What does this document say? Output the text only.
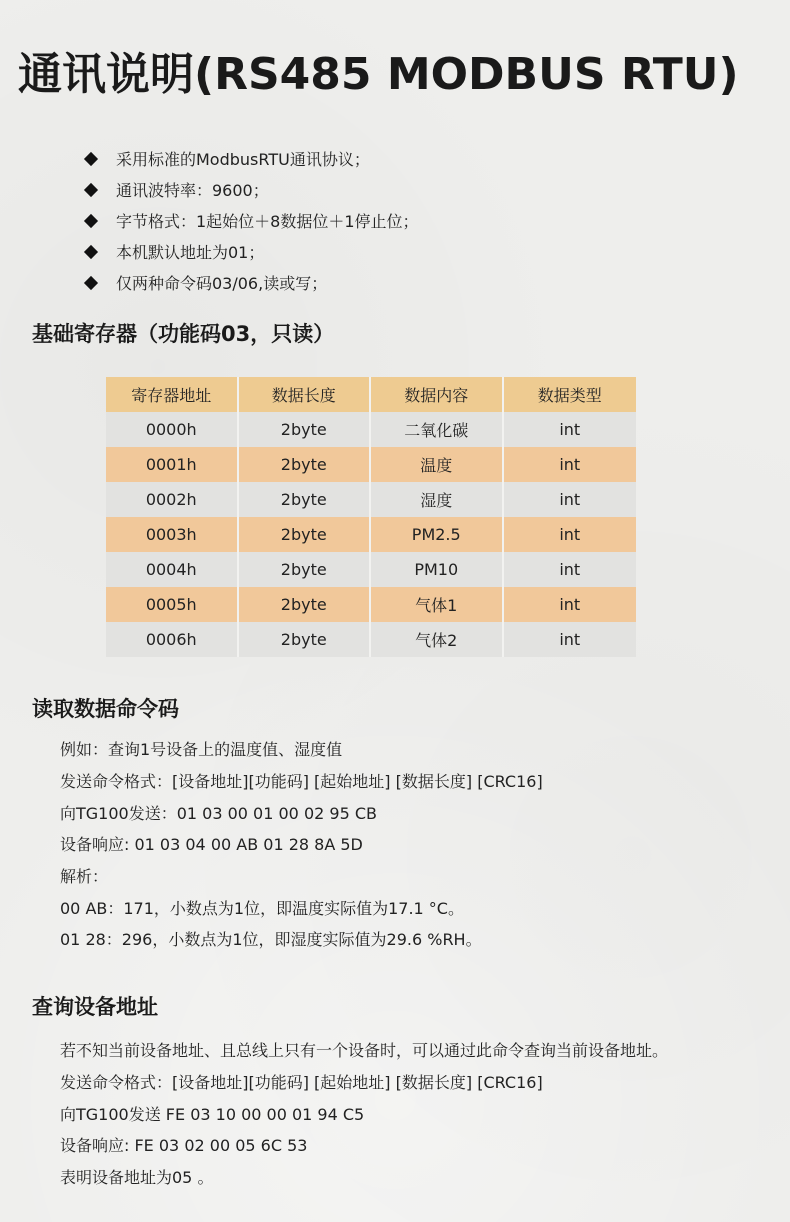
通讯说明(RS485 MODBUS RTU)
采用标准的ModbusRTU通讯协议；
通讯波特率：9600；
字节格式：1起始位＋8数据位＋1停止位；
本机默认地址为01；
仅两种命令码03/06,读或写；
基础寄存器（功能码03，只读）
寄存器地址	数据长度	数据内容	数据类型
0000h	2byte	二氧化碳	int
0001h	2byte	温度	int
0002h	2byte	湿度	int
0003h	2byte	PM2.5	int
0004h	2byte	PM10	int
0005h	2byte	气体1	int
0006h	2byte	气体2	int
读取数据命令码
例如：查询1号设备上的温度值、湿度值
发送命令格式：[设备地址][功能码] [起始地址] [数据长度] [CRC16]
向TG100发送：01 03 00 01 00 02 95 CB
设备响应: 01 03 04 00 AB 01 28 8A 5D
解析：
00 AB：171，小数点为1位，即温度实际值为17.1 °C。
01 28：296，小数点为1位，即湿度实际值为29.6 %RH。
查询设备地址
若不知当前设备地址、且总线上只有一个设备时，可以通过此命令查询当前设备地址。
发送命令格式：[设备地址][功能码] [起始地址] [数据长度] [CRC16]
向TG100发送 FE 03 10 00 00 01 94 C5
设备响应: FE 03 02 00 05 6C 53
表明设备地址为05 。
